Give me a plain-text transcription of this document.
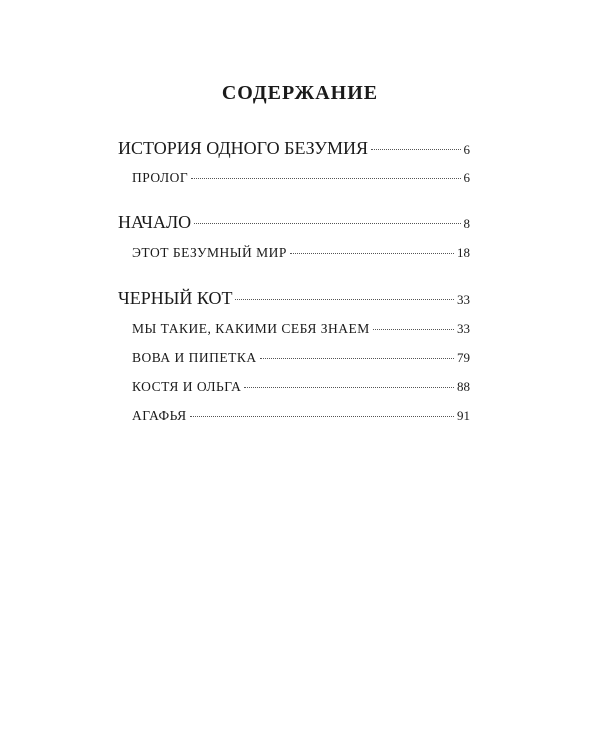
СОДЕРЖАНИЕ
ИСТОРИЯ ОДНОГО БЕЗУМИЯ	6
ПРОЛОГ	6
НАЧАЛО	8
ЭТОТ БЕЗУМНЫЙ МИР	18
ЧЕРНЫЙ КОТ	33
МЫ ТАКИЕ, КАКИМИ СЕБЯ ЗНАЕМ	33
ВОВА И ПИПЕТКА	79
КОСТЯ И ОЛЬГА	88
АГАФЬЯ	91
